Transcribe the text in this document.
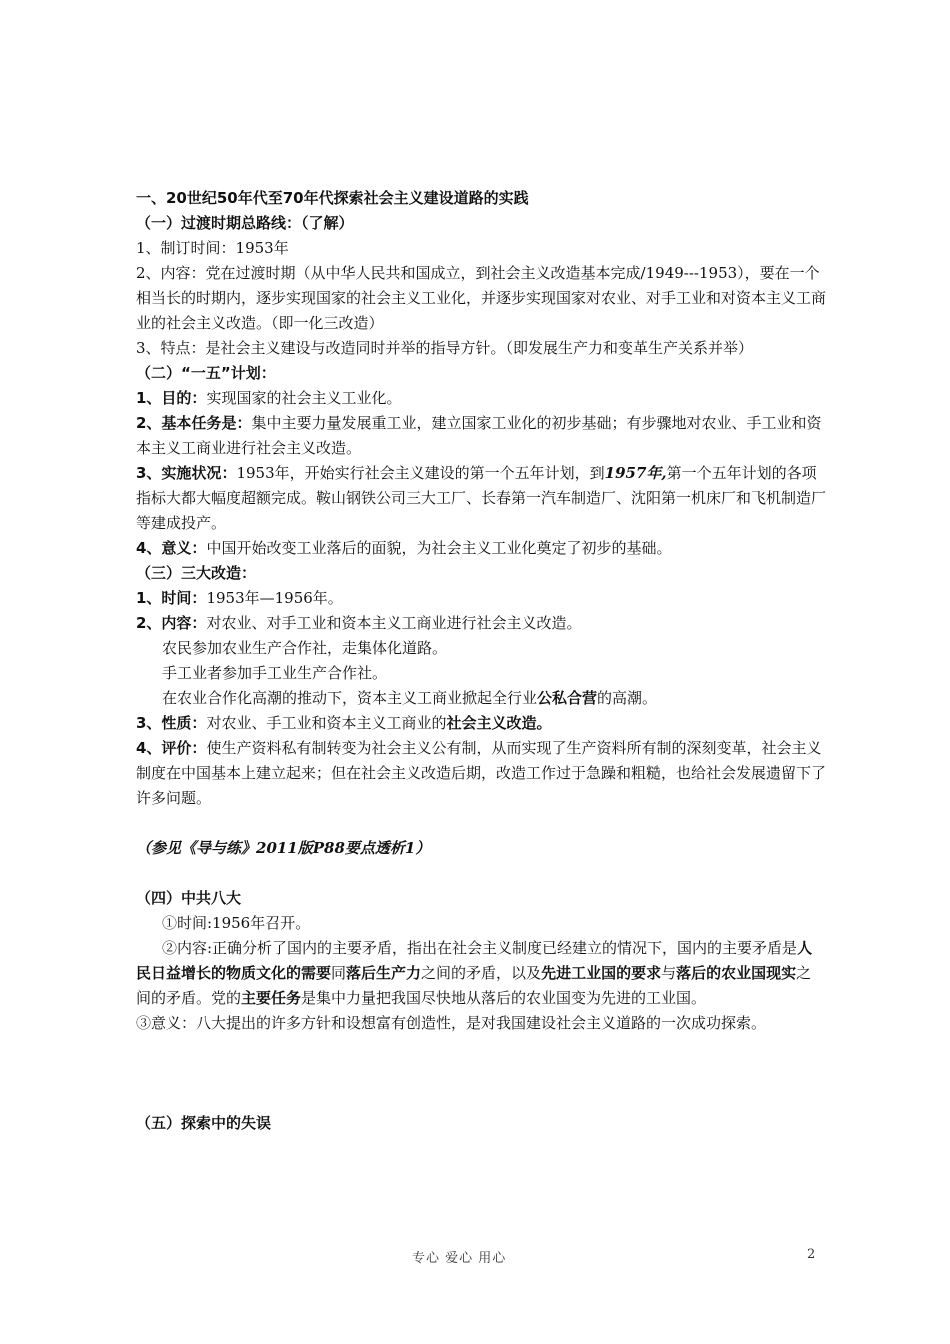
一、20世纪50年代至70年代探索社会主义建设道路的实践
（一）过渡时期总路线：（了解）
1、制订时间：1953年
2、内容：党在过渡时期（从中华人民共和国成立，到社会主义改造基本完成/1949---1953），要在一个相当长的时期内，逐步实现国家的社会主义工业化，并逐步实现国家对农业、对手工业和对资本主义工商业的社会主义改造。（即一化三改造）
3、特点：是社会主义建设与改造同时并举的指导方针。（即发展生产力和变革生产关系并举）
（二）“一五”计划：
1、目的：实现国家的社会主义工业化。
2、基本任务是：集中主要力量发展重工业，建立国家工业化的初步基础；有步骤地对农业、手工业和资本主义工商业进行社会主义改造。
3、实施状况：1953年，开始实行社会主义建设的第一个五年计划，到1957年,第一个五年计划的各项指标大都大幅度超额完成。鞍山钢铁公司三大工厂、长春第一汽车制造厂、沈阳第一机床厂和飞机制造厂等建成投产。
4、意义：中国开始改变工业落后的面貌，为社会主义工业化奠定了初步的基础。
（三）三大改造：
1、时间：1953年—1956年。
2、内容：对农业、对手工业和资本主义工商业进行社会主义改造。
农民参加农业生产合作社，走集体化道路。
手工业者参加手工业生产合作社。
在农业合作化高潮的推动下，资本主义工商业掀起全行业公私合营的高潮。
3、性质：对农业、手工业和资本主义工商业的社会主义改造。
4、评价：使生产资料私有制转变为社会主义公有制，从而实现了生产资料所有制的深刻变革，社会主义制度在中国基本上建立起来；但在社会主义改造后期，改造工作过于急躁和粗糙，也给社会发展遗留下了许多问题。
（参见《导与练》2011版P88要点透析1）
（四）中共八大
①时间:1956年召开。
②内容:正确分析了国内的主要矛盾，指出在社会主义制度已经建立的情况下，国内的主要矛盾是人民日益增长的物质文化的需要同落后生产力之间的矛盾，以及先进工业国的要求与落后的农业国现实之间的矛盾。党的主要任务是集中力量把我国尽快地从落后的农业国变为先进的工业国。
③意义：八大提出的许多方针和设想富有创造性，是对我国建设社会主义道路的一次成功探索。
（五）探索中的失误
专心 爱心 用心	2
